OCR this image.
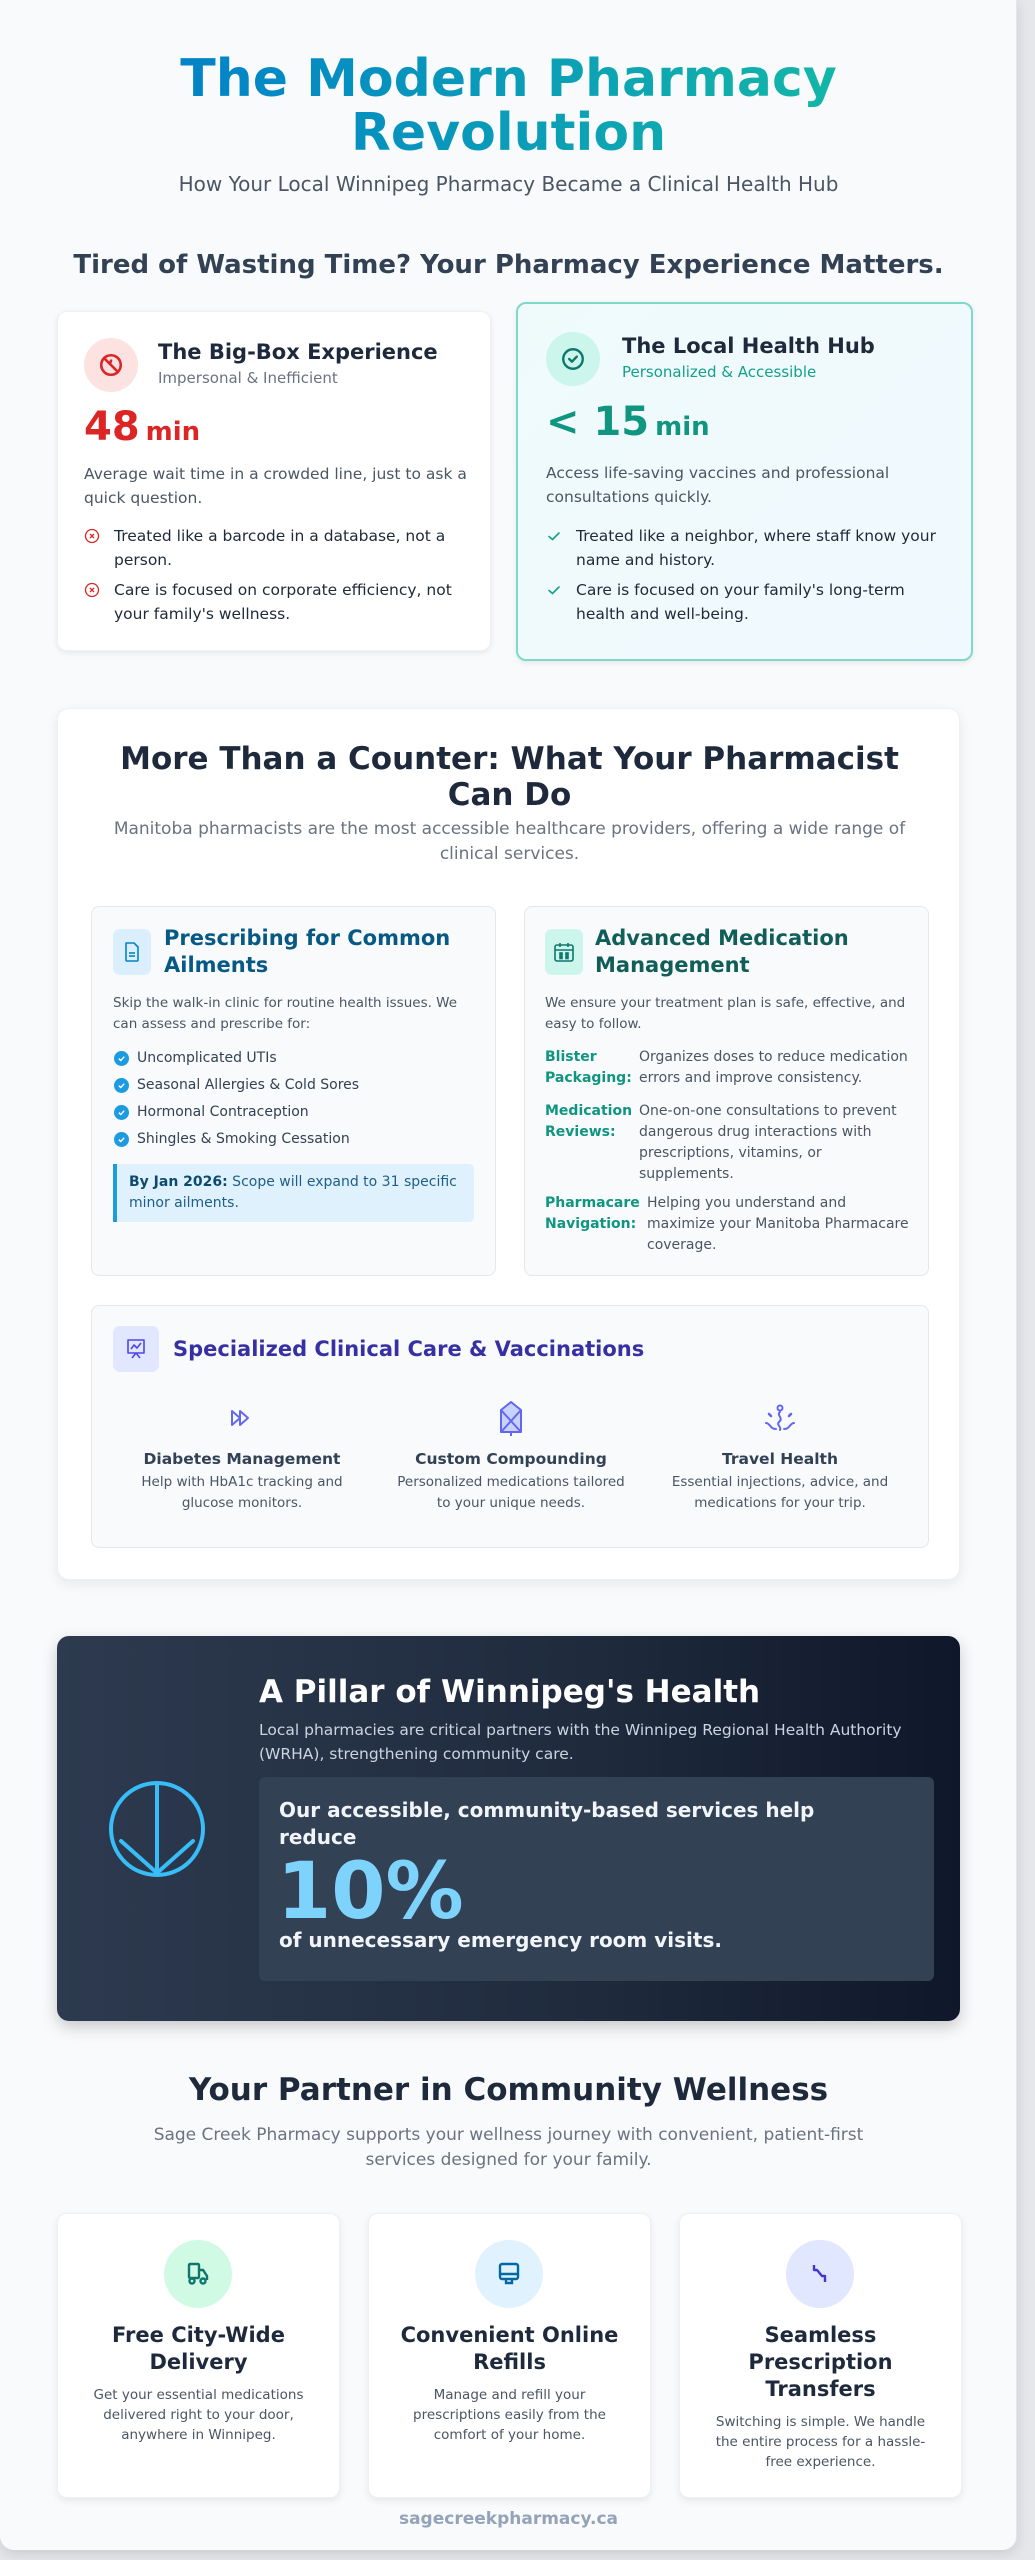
The Modern Pharmacy Revolution
How Your Local Winnipeg Pharmacy Became a Clinical Health Hub
Tired of Wasting Time? Your Pharmacy Experience Matters.
The Big-Box Experience
Impersonal & Inefficient
48 min
Average wait time in a crowded line, just to ask a quick question.
Treated like a barcode in a database, not a person.
Care is focused on corporate efficiency, not your family's wellness.
The Local Health Hub
Personalized & Accessible
< 15 min
Access life-saving vaccines and professional consultations quickly.
Treated like a neighbor, where staff know your name and history.
Care is focused on your family's long-term health and well-being.
More Than a Counter: What Your Pharmacist Can Do
Manitoba pharmacists are the most accessible healthcare providers, offering a wide range of clinical services.
Prescribing for Common Ailments
Skip the walk-in clinic for routine health issues. We can assess and prescribe for:
Uncomplicated UTIs
Seasonal Allergies & Cold Sores
Hormonal Contraception
Shingles & Smoking Cessation
By Jan 2026: Scope will expand to 31 specific minor ailments.
Advanced Medication Management
We ensure your treatment plan is safe, effective, and easy to follow.
Blister Packaging:
Organizes doses to reduce medication errors and improve consistency.
Medication Reviews:
One-on-one consultations to prevent dangerous drug interactions with prescriptions, vitamins, or supplements.
Pharmacare Navigation:
Helping you understand and maximize your Manitoba Pharmacare coverage.
Specialized Clinical Care & Vaccinations
Diabetes Management
Help with HbA1c tracking and glucose monitors.
Custom Compounding
Personalized medications tailored to your unique needs.
Travel Health
Essential injections, advice, and medications for your trip.
A Pillar of Winnipeg's Health
Local pharmacies are critical partners with the Winnipeg Regional Health Authority (WRHA), strengthening community care.
Our accessible, community-based services help reduce
10%
of unnecessary emergency room visits.
Your Partner in Community Wellness
Sage Creek Pharmacy supports your wellness journey with convenient, patient-first services designed for your family.
Free City-Wide Delivery
Get your essential medications delivered right to your door, anywhere in Winnipeg.
Convenient Online Refills
Manage and refill your prescriptions easily from the comfort of your home.
Seamless Prescription Transfers
Switching is simple. We handle the entire process for a hassle-free experience.
sagecreekpharmacy.ca
